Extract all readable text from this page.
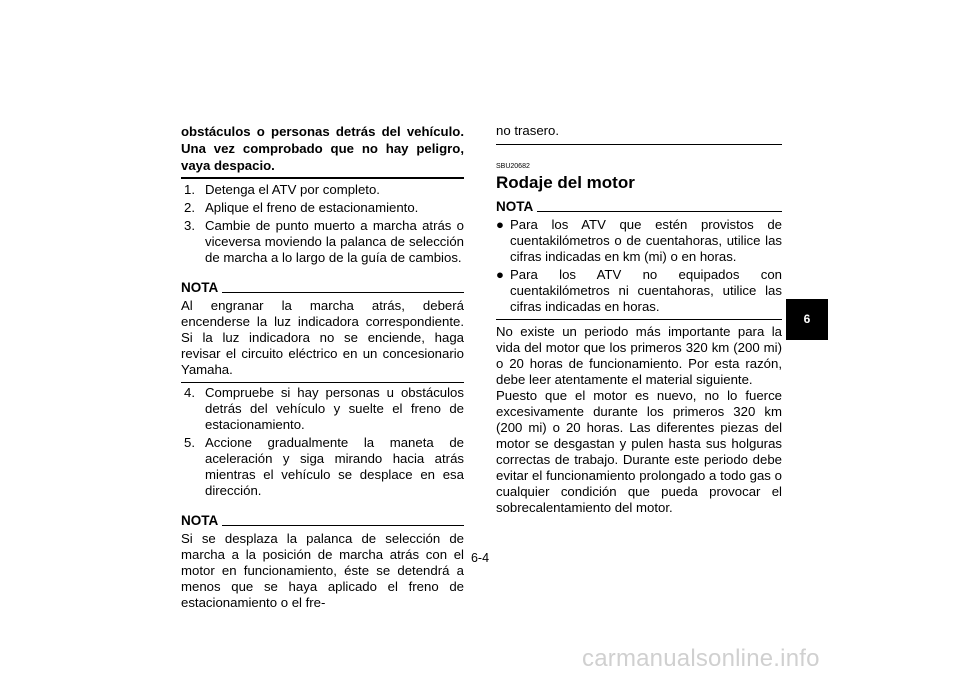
obstáculos o personas detrás del vehículo. Una vez comprobado que no hay peligro, vaya despacio.

1. Detenga el ATV por completo.
2. Aplique el freno de estacionamiento.
3. Cambie de punto muerto a marcha atrás o viceversa moviendo la palanca de selección de marcha a lo largo de la guía de cambios.
NOTA

Al engranar la marcha atrás, deberá encenderse la luz indicadora correspondiente. Si la luz indicadora no se enciende, haga revisar el circuito eléctrico en un concesionario Yamaha.

4. Compruebe si hay personas u obstáculos detrás del vehículo y suelte el freno de estacionamiento.
5. Accione gradualmente la maneta de aceleración y siga mirando hacia atrás mientras el vehículo se desplace en esa dirección.
NOTA

Si se desplaza la palanca de selección de marcha a la posición de marcha atrás con el motor en funcionamiento, éste se detendrá a menos que se haya aplicado el freno de estacionamiento o el fre-

no trasero.

SBU20682
Rodaje del motor
NOTA
● Para los ATV que estén provistos de cuentakilómetros o de cuentahoras, utilice las cifras indicadas en km (mi) o en horas.
● Para los ATV no equipados con cuentakilómetros ni cuentahoras, utilice las cifras indicadas en horas.

No existe un periodo más importante para la vida del motor que los primeros 320 km (200 mi) o 20 horas de funcionamiento. Por esta razón, debe leer atentamente el material siguiente.

Puesto que el motor es nuevo, no lo fuerce excesivamente durante los primeros 320 km (200 mi) o 20 horas. Las diferentes piezas del motor se desgastan y pulen hasta sus holguras correctas de trabajo. Durante este periodo debe evitar el funcionamiento prolongado a todo gas o cualquier condición que pueda provocar el sobrecalentamiento del motor.

6
6-4
carmanualsonline.info
